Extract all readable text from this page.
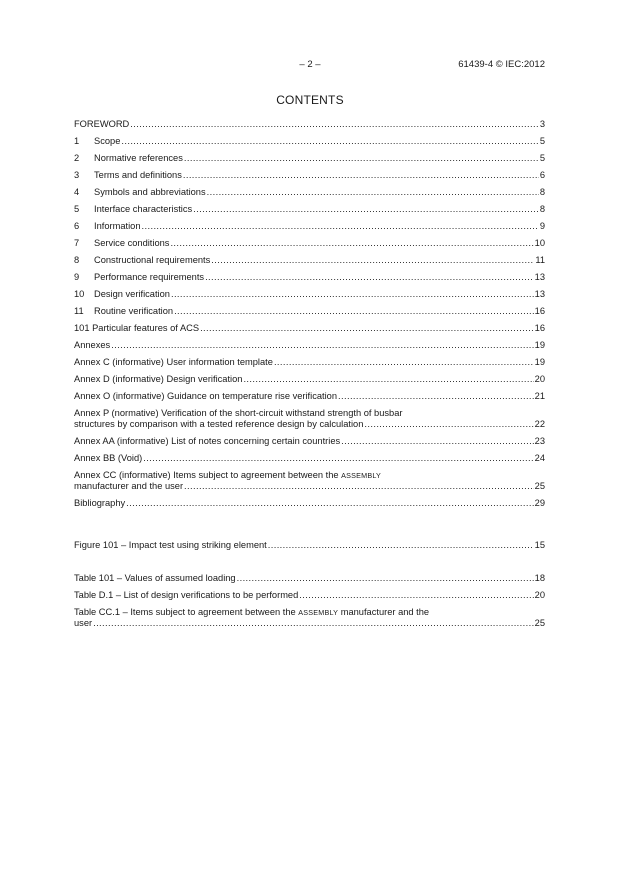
– 2 –	61439-4 © IEC:2012
CONTENTS
FOREWORD .....	3
1 Scope .....	5
2 Normative references .....	5
3 Terms and definitions .....	6
4 Symbols and abbreviations .....	8
5 Interface characteristics .....	8
6 Information .....	9
7 Service conditions .....	10
8 Constructional requirements .....	11
9 Performance requirements .....	13
10 Design verification .....	13
11 Routine verification .....	16
101 Particular features of ACS .....	16
Annexes .....	19
Annex C (informative) User information template .....	19
Annex D (informative) Design verification .....	20
Annex O (informative) Guidance on temperature rise verification .....	21
Annex P (normative) Verification of the short-circuit withstand strength of busbar
structures by comparison with a tested reference design by calculation .....	22
Annex AA (informative) List of notes concerning certain countries .....	23
Annex BB (Void) .....	24
Annex CC (informative) Items subject to agreement between the ASSEMBLY
manufacturer and the user .....	25
Bibliography .....	29
Figure 101 – Impact test using striking element .....	15
Table 101 – Values of assumed loading .....	18
Table D.1 – List of design verifications to be performed .....	20
Table CC.1 – Items subject to agreement between the ASSEMBLY manufacturer and the
user .....	25
